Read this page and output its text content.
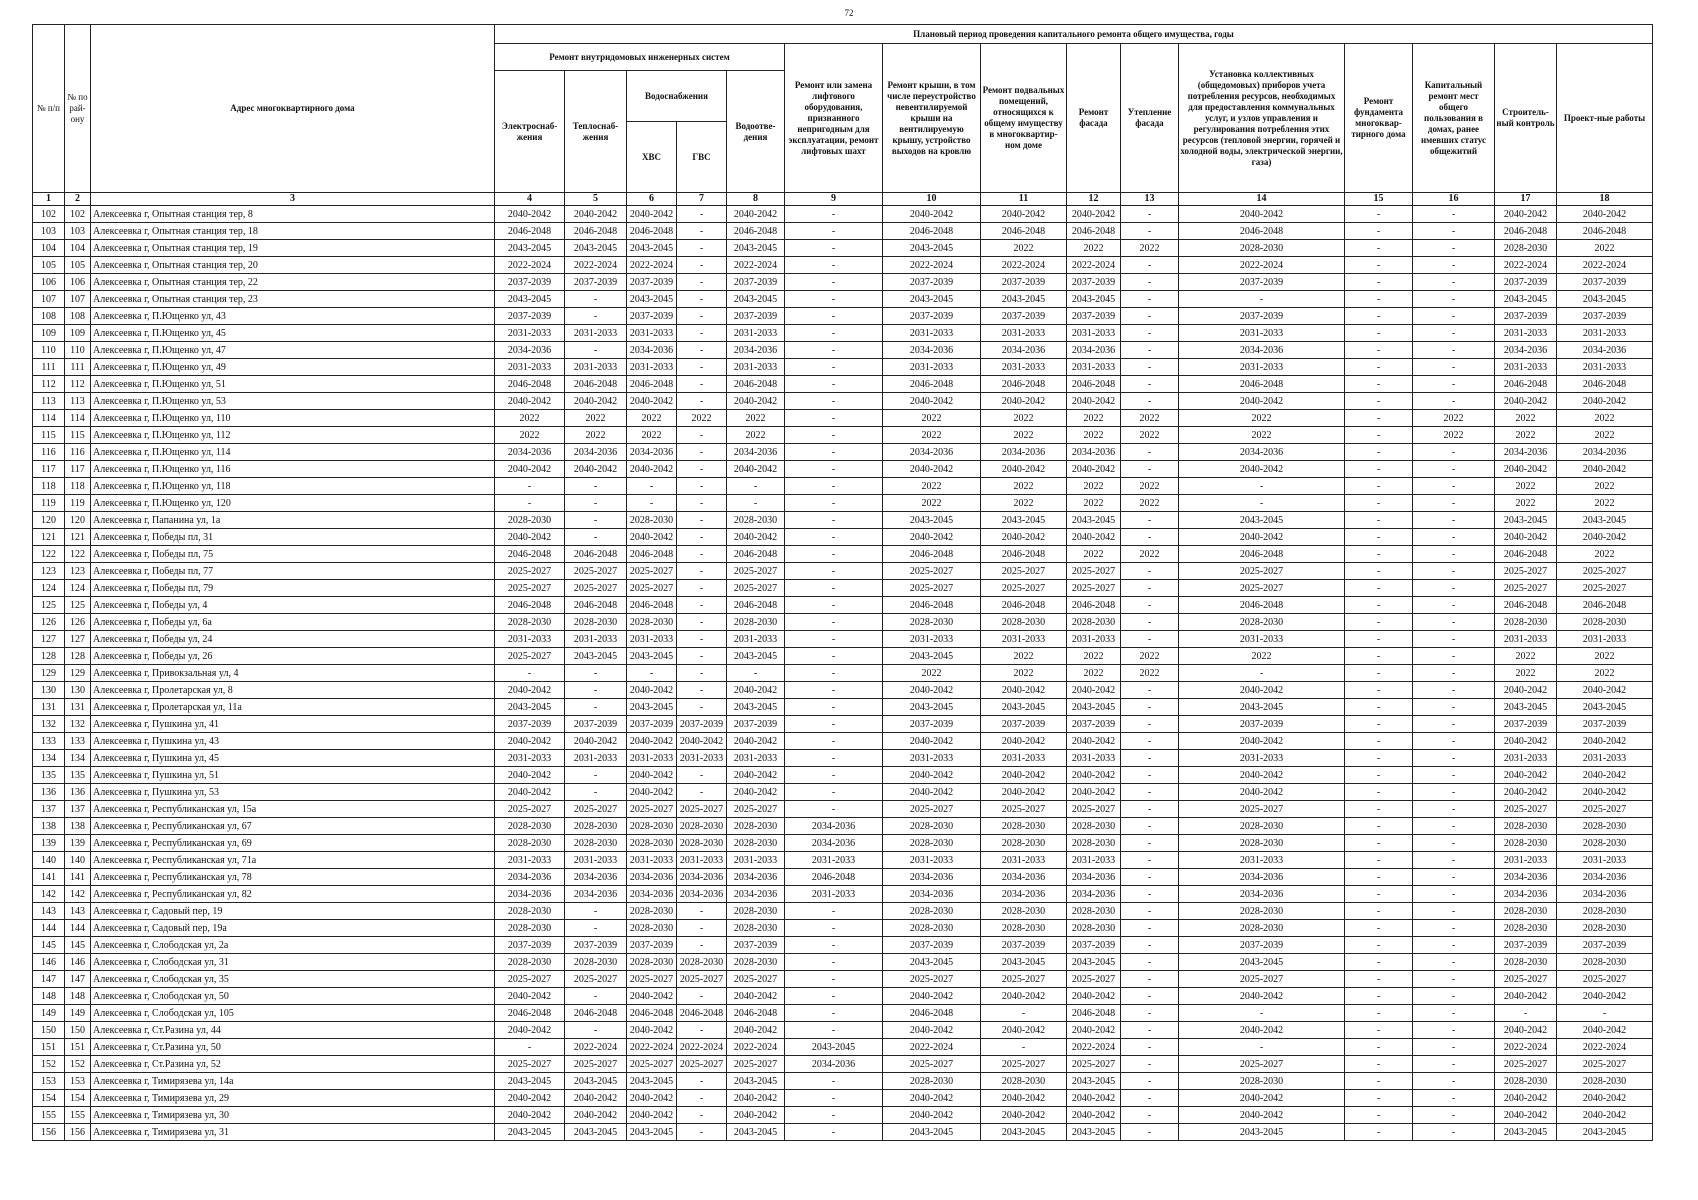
72
№ п/п	№ по рай-ону	Адрес многоквартирного дома	Плановый период проведения капитального ремонта общего имущества, годы														
			Ремонт внутридомовых инженерных систем					Ремонт или замена лифтового оборудования, признанного непригодным для эксплуатации, ремонт лифтовых шахт	Ремонт крыши, в том числе переустройство невентилируемой крыши на вентилируемую крышу, устройство выходов на кровлю	Ремонт подвальных помещений, относящихся к общему имуществу в многоквартир-ном доме	Ремонт фасада	Утепление фасада	Установка коллективных (общедомовых) приборов учета потребления ресурсов, необходимых для предоставления коммунальных услуг, и узлов управления и регулирования потребления этих ресурсов (тепловой энергии, горячей и холодной воды, электрической энергии, газа)	Ремонт фундамента многоквар-тирного дома	Капитальный ремонт мест общего пользования в домах, ранее имевших статус общежитий	Строитель-ный контроль	Проект-ные работы
			Электроснаб-жения	Теплоснаб-жения	Водоснабжения		Водоотве-дения										
					ХВС	ГВС											
1	2	3	4	5	6	7	8	9	10	11	12	13	14	15	16	17	18
102	102	Алексеевка г, Опытная станция тер, 8	2040-2042	2040-2042	2040-2042	-	2040-2042	-	2040-2042	2040-2042	2040-2042	-	2040-2042	-	-	2040-2042	2040-2042
103	103	Алексеевка г, Опытная станция тер, 18	2046-2048	2046-2048	2046-2048	-	2046-2048	-	2046-2048	2046-2048	2046-2048	-	2046-2048	-	-	2046-2048	2046-2048
104	104	Алексеевка г, Опытная станция тер, 19	2043-2045	2043-2045	2043-2045	-	2043-2045	-	2043-2045	2022	2022	2022	2028-2030	-	-	2028-2030	2022
105	105	Алексеевка г, Опытная станция тер, 20	2022-2024	2022-2024	2022-2024	-	2022-2024	-	2022-2024	2022-2024	2022-2024	-	2022-2024	-	-	2022-2024	2022-2024
106	106	Алексеевка г, Опытная станция тер, 22	2037-2039	2037-2039	2037-2039	-	2037-2039	-	2037-2039	2037-2039	2037-2039	-	2037-2039	-	-	2037-2039	2037-2039
107	107	Алексеевка г, Опытная станция тер, 23	2043-2045	-	2043-2045	-	2043-2045	-	2043-2045	2043-2045	2043-2045	-	-	-	-	2043-2045	2043-2045
108	108	Алексеевка г, П.Ющенко ул, 43	2037-2039	-	2037-2039	-	2037-2039	-	2037-2039	2037-2039	2037-2039	-	2037-2039	-	-	2037-2039	2037-2039
109	109	Алексеевка г, П.Ющенко ул, 45	2031-2033	2031-2033	2031-2033	-	2031-2033	-	2031-2033	2031-2033	2031-2033	-	2031-2033	-	-	2031-2033	2031-2033
110	110	Алексеевка г, П.Ющенко ул, 47	2034-2036	-	2034-2036	-	2034-2036	-	2034-2036	2034-2036	2034-2036	-	2034-2036	-	-	2034-2036	2034-2036
111	111	Алексеевка г, П.Ющенко ул, 49	2031-2033	2031-2033	2031-2033	-	2031-2033	-	2031-2033	2031-2033	2031-2033	-	2031-2033	-	-	2031-2033	2031-2033
112	112	Алексеевка г, П.Ющенко ул, 51	2046-2048	2046-2048	2046-2048	-	2046-2048	-	2046-2048	2046-2048	2046-2048	-	2046-2048	-	-	2046-2048	2046-2048
113	113	Алексеевка г, П.Ющенко ул, 53	2040-2042	2040-2042	2040-2042	-	2040-2042	-	2040-2042	2040-2042	2040-2042	-	2040-2042	-	-	2040-2042	2040-2042
114	114	Алексеевка г, П.Ющенко ул, 110	2022	2022	2022	2022	2022	-	2022	2022	2022	2022	2022	-	2022	2022	2022
115	115	Алексеевка г, П.Ющенко ул, 112	2022	2022	2022	-	2022	-	2022	2022	2022	2022	2022	-	2022	2022	2022
116	116	Алексеевка г, П.Ющенко ул, 114	2034-2036	2034-2036	2034-2036	-	2034-2036	-	2034-2036	2034-2036	2034-2036	-	2034-2036	-	-	2034-2036	2034-2036
117	117	Алексеевка г, П.Ющенко ул, 116	2040-2042	2040-2042	2040-2042	-	2040-2042	-	2040-2042	2040-2042	2040-2042	-	2040-2042	-	-	2040-2042	2040-2042
118	118	Алексеевка г, П.Ющенко ул, 118	-	-	-	-	-	-	2022	2022	2022	2022	-	-	-	2022	2022
119	119	Алексеевка г, П.Ющенко ул, 120	-	-	-	-	-	-	2022	2022	2022	2022	-	-	-	2022	2022
120	120	Алексеевка г, Папанина ул, 1а	2028-2030	-	2028-2030	-	2028-2030	-	2043-2045	2043-2045	2043-2045	-	2043-2045	-	-	2043-2045	2043-2045
121	121	Алексеевка г, Победы пл, 31	2040-2042	-	2040-2042	-	2040-2042	-	2040-2042	2040-2042	2040-2042	-	2040-2042	-	-	2040-2042	2040-2042
122	122	Алексеевка г, Победы пл, 75	2046-2048	2046-2048	2046-2048	-	2046-2048	-	2046-2048	2046-2048	2022	2022	2046-2048	-	-	2046-2048	2022
123	123	Алексеевка г, Победы пл, 77	2025-2027	2025-2027	2025-2027	-	2025-2027	-	2025-2027	2025-2027	2025-2027	-	2025-2027	-	-	2025-2027	2025-2027
124	124	Алексеевка г, Победы пл, 79	2025-2027	2025-2027	2025-2027	-	2025-2027	-	2025-2027	2025-2027	2025-2027	-	2025-2027	-	-	2025-2027	2025-2027
125	125	Алексеевка г, Победы ул, 4	2046-2048	2046-2048	2046-2048	-	2046-2048	-	2046-2048	2046-2048	2046-2048	-	2046-2048	-	-	2046-2048	2046-2048
126	126	Алексеевка г, Победы ул, 6а	2028-2030	2028-2030	2028-2030	-	2028-2030	-	2028-2030	2028-2030	2028-2030	-	2028-2030	-	-	2028-2030	2028-2030
127	127	Алексеевка г, Победы ул, 24	2031-2033	2031-2033	2031-2033	-	2031-2033	-	2031-2033	2031-2033	2031-2033	-	2031-2033	-	-	2031-2033	2031-2033
128	128	Алексеевка г, Победы ул, 26	2025-2027	2043-2045	2043-2045	-	2043-2045	-	2043-2045	2022	2022	2022	2022	-	-	2022	2022
129	129	Алексеевка г, Привокзальная ул, 4	-	-	-	-	-	-	2022	2022	2022	2022	-	-	-	2022	2022
130	130	Алексеевка г, Пролетарская ул, 8	2040-2042	-	2040-2042	-	2040-2042	-	2040-2042	2040-2042	2040-2042	-	2040-2042	-	-	2040-2042	2040-2042
131	131	Алексеевка г, Пролетарская ул, 11а	2043-2045	-	2043-2045	-	2043-2045	-	2043-2045	2043-2045	2043-2045	-	2043-2045	-	-	2043-2045	2043-2045
132	132	Алексеевка г, Пушкина ул, 41	2037-2039	2037-2039	2037-2039	2037-2039	2037-2039	-	2037-2039	2037-2039	2037-2039	-	2037-2039	-	-	2037-2039	2037-2039
133	133	Алексеевка г, Пушкина ул, 43	2040-2042	2040-2042	2040-2042	2040-2042	2040-2042	-	2040-2042	2040-2042	2040-2042	-	2040-2042	-	-	2040-2042	2040-2042
134	134	Алексеевка г, Пушкина ул, 45	2031-2033	2031-2033	2031-2033	2031-2033	2031-2033	-	2031-2033	2031-2033	2031-2033	-	2031-2033	-	-	2031-2033	2031-2033
135	135	Алексеевка г, Пушкина ул, 51	2040-2042	-	2040-2042	-	2040-2042	-	2040-2042	2040-2042	2040-2042	-	2040-2042	-	-	2040-2042	2040-2042
136	136	Алексеевка г, Пушкина ул, 53	2040-2042	-	2040-2042	-	2040-2042	-	2040-2042	2040-2042	2040-2042	-	2040-2042	-	-	2040-2042	2040-2042
137	137	Алексеевка г, Республиканская ул, 15а	2025-2027	2025-2027	2025-2027	2025-2027	2025-2027	-	2025-2027	2025-2027	2025-2027	-	2025-2027	-	-	2025-2027	2025-2027
138	138	Алексеевка г, Республиканская ул, 67	2028-2030	2028-2030	2028-2030	2028-2030	2028-2030	2034-2036	2028-2030	2028-2030	2028-2030	-	2028-2030	-	-	2028-2030	2028-2030
139	139	Алексеевка г, Республиканская ул, 69	2028-2030	2028-2030	2028-2030	2028-2030	2028-2030	2034-2036	2028-2030	2028-2030	2028-2030	-	2028-2030	-	-	2028-2030	2028-2030
140	140	Алексеевка г, Республиканская ул, 71а	2031-2033	2031-2033	2031-2033	2031-2033	2031-2033	2031-2033	2031-2033	2031-2033	2031-2033	-	2031-2033	-	-	2031-2033	2031-2033
141	141	Алексеевка г, Республиканская ул, 78	2034-2036	2034-2036	2034-2036	2034-2036	2034-2036	2046-2048	2034-2036	2034-2036	2034-2036	-	2034-2036	-	-	2034-2036	2034-2036
142	142	Алексеевка г, Республиканская ул, 82	2034-2036	2034-2036	2034-2036	2034-2036	2034-2036	2031-2033	2034-2036	2034-2036	2034-2036	-	2034-2036	-	-	2034-2036	2034-2036
143	143	Алексеевка г, Садовый пер, 19	2028-2030	-	2028-2030	-	2028-2030	-	2028-2030	2028-2030	2028-2030	-	2028-2030	-	-	2028-2030	2028-2030
144	144	Алексеевка г, Садовый пер, 19а	2028-2030	-	2028-2030	-	2028-2030	-	2028-2030	2028-2030	2028-2030	-	2028-2030	-	-	2028-2030	2028-2030
145	145	Алексеевка г, Слободская ул, 2а	2037-2039	2037-2039	2037-2039	-	2037-2039	-	2037-2039	2037-2039	2037-2039	-	2037-2039	-	-	2037-2039	2037-2039
146	146	Алексеевка г, Слободская ул, 31	2028-2030	2028-2030	2028-2030	2028-2030	2028-2030	-	2043-2045	2043-2045	2043-2045	-	2043-2045	-	-	2028-2030	2028-2030
147	147	Алексеевка г, Слободская ул, 35	2025-2027	2025-2027	2025-2027	2025-2027	2025-2027	-	2025-2027	2025-2027	2025-2027	-	2025-2027	-	-	2025-2027	2025-2027
148	148	Алексеевка г, Слободская ул, 50	2040-2042	-	2040-2042	-	2040-2042	-	2040-2042	2040-2042	2040-2042	-	2040-2042	-	-	2040-2042	2040-2042
149	149	Алексеевка г, Слободская ул, 105	2046-2048	2046-2048	2046-2048	2046-2048	2046-2048	-	2046-2048	-	2046-2048	-	-	-	-	-	-
150	150	Алексеевка г, Ст.Разина ул, 44	2040-2042	-	2040-2042	-	2040-2042	-	2040-2042	2040-2042	2040-2042	-	2040-2042	-	-	2040-2042	2040-2042
151	151	Алексеевка г, Ст.Разина ул, 50	-	2022-2024	2022-2024	2022-2024	2022-2024	2043-2045	2022-2024	-	2022-2024	-	-	-	-	2022-2024	2022-2024
152	152	Алексеевка г, Ст.Разина ул, 52	2025-2027	2025-2027	2025-2027	2025-2027	2025-2027	2034-2036	2025-2027	2025-2027	2025-2027	-	2025-2027	-	-	2025-2027	2025-2027
153	153	Алексеевка г, Тимирязева ул, 14а	2043-2045	2043-2045	2043-2045	-	2043-2045	-	2028-2030	2028-2030	2043-2045	-	2028-2030	-	-	2028-2030	2028-2030
154	154	Алексеевка г, Тимирязева ул, 29	2040-2042	2040-2042	2040-2042	-	2040-2042	-	2040-2042	2040-2042	2040-2042	-	2040-2042	-	-	2040-2042	2040-2042
155	155	Алексеевка г, Тимирязева ул, 30	2040-2042	2040-2042	2040-2042	-	2040-2042	-	2040-2042	2040-2042	2040-2042	-	2040-2042	-	-	2040-2042	2040-2042
156	156	Алексеевка г, Тимирязева ул, 31	2043-2045	2043-2045	2043-2045	-	2043-2045	-	2043-2045	2043-2045	2043-2045	-	2043-2045	-	-	2043-2045	2043-2045
